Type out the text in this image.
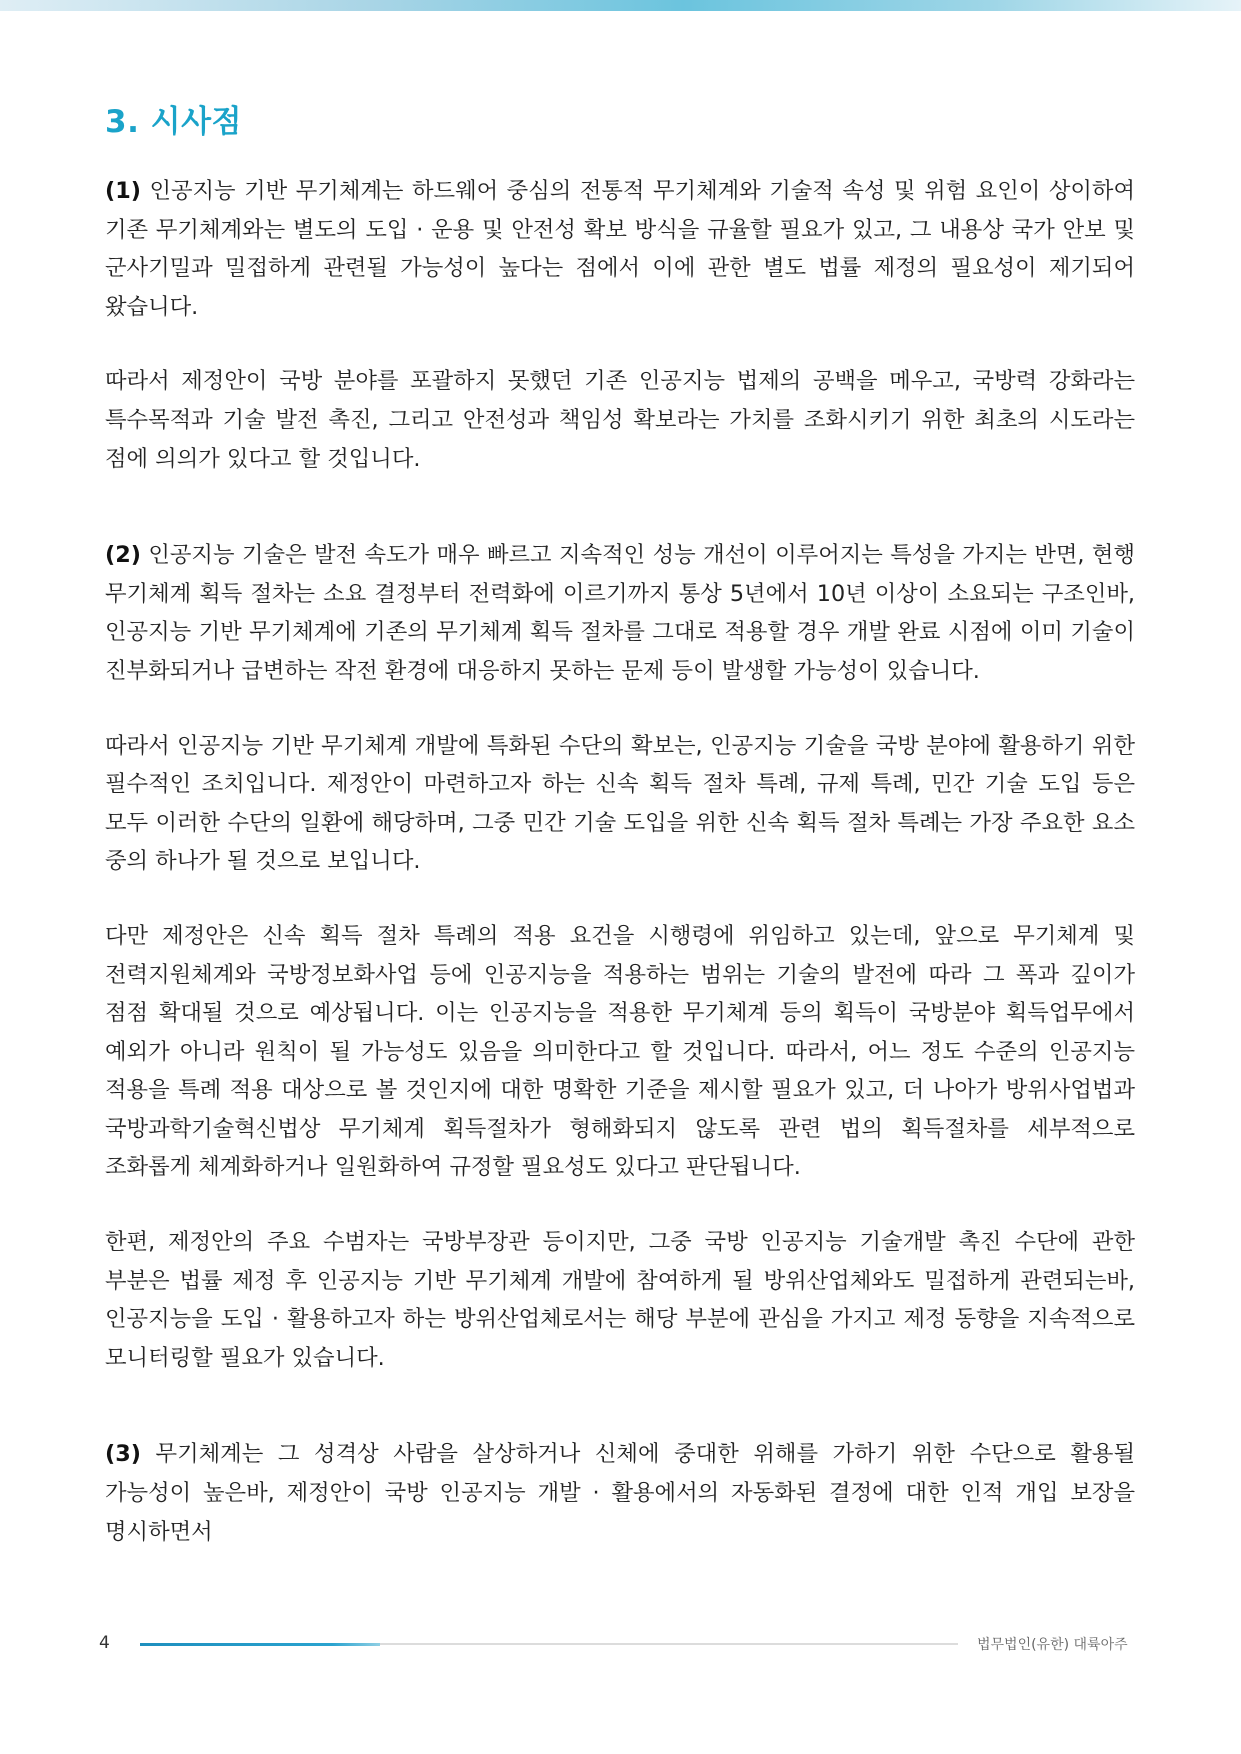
3. 시사점

(1) 인공지능 기반 무기체계는 하드웨어 중심의 전통적 무기체계와 기술적 속성 및 위험 요인이 상이하여 기존 무기체계와는 별도의 도입 · 운용 및 안전성 확보 방식을 규율할 필요가 있고, 그 내용상 국가 안보 및 군사기밀과 밀접하게 관련될 가능성이 높다는 점에서 이에 관한 별도 법률 제정의 필요성이 제기되어 왔습니다.

따라서 제정안이 국방 분야를 포괄하지 못했던 기존 인공지능 법제의 공백을 메우고, 국방력 강화라는 특수목적과 기술 발전 촉진, 그리고 안전성과 책임성 확보라는 가치를 조화시키기 위한 최초의 시도라는 점에 의의가 있다고 할 것입니다.

(2) 인공지능 기술은 발전 속도가 매우 빠르고 지속적인 성능 개선이 이루어지는 특성을 가지는 반면, 현행 무기체계 획득 절차는 소요 결정부터 전력화에 이르기까지 통상 5년에서 10년 이상이 소요되는 구조인바, 인공지능 기반 무기체계에 기존의 무기체계 획득 절차를 그대로 적용할 경우 개발 완료 시점에 이미 기술이 진부화되거나 급변하는 작전 환경에 대응하지 못하는 문제 등이 발생할 가능성이 있습니다.

따라서 인공지능 기반 무기체계 개발에 특화된 수단의 확보는, 인공지능 기술을 국방 분야에 활용하기 위한 필수적인 조치입니다. 제정안이 마련하고자 하는 신속 획득 절차 특례, 규제 특례, 민간 기술 도입 등은 모두 이러한 수단의 일환에 해당하며, 그중 민간 기술 도입을 위한 신속 획득 절차 특례는 가장 주요한 요소 중의 하나가 될 것으로 보입니다.

다만 제정안은 신속 획득 절차 특례의 적용 요건을 시행령에 위임하고 있는데, 앞으로 무기체계 및 전력지원체계와 국방정보화사업 등에 인공지능을 적용하는 범위는 기술의 발전에 따라 그 폭과 깊이가 점점 확대될 것으로 예상됩니다. 이는 인공지능을 적용한 무기체계 등의 획득이 국방분야 획득업무에서 예외가 아니라 원칙이 될 가능성도 있음을 의미한다고 할 것입니다. 따라서, 어느 정도 수준의 인공지능 적용을 특례 적용 대상으로 볼 것인지에 대한 명확한 기준을 제시할 필요가 있고, 더 나아가 방위사업법과 국방과학기술혁신법상 무기체계 획득절차가 형해화되지 않도록 관련 법의 획득절차를 세부적으로 조화롭게 체계화하거나 일원화하여 규정할 필요성도 있다고 판단됩니다.

한편, 제정안의 주요 수범자는 국방부장관 등이지만, 그중 국방 인공지능 기술개발 촉진 수단에 관한 부분은 법률 제정 후 인공지능 기반 무기체계 개발에 참여하게 될 방위산업체와도 밀접하게 관련되는바, 인공지능을 도입 · 활용하고자 하는 방위산업체로서는 해당 부분에 관심을 가지고 제정 동향을 지속적으로 모니터링할 필요가 있습니다.

(3) 무기체계는 그 성격상 사람을 살상하거나 신체에 중대한 위해를 가하기 위한 수단으로 활용될 가능성이 높은바, 제정안이 국방 인공지능 개발 · 활용에서의 자동화된 결정에 대한 인적 개입 보장을 명시하면서

4	법무법인(유한) 대륙아주
